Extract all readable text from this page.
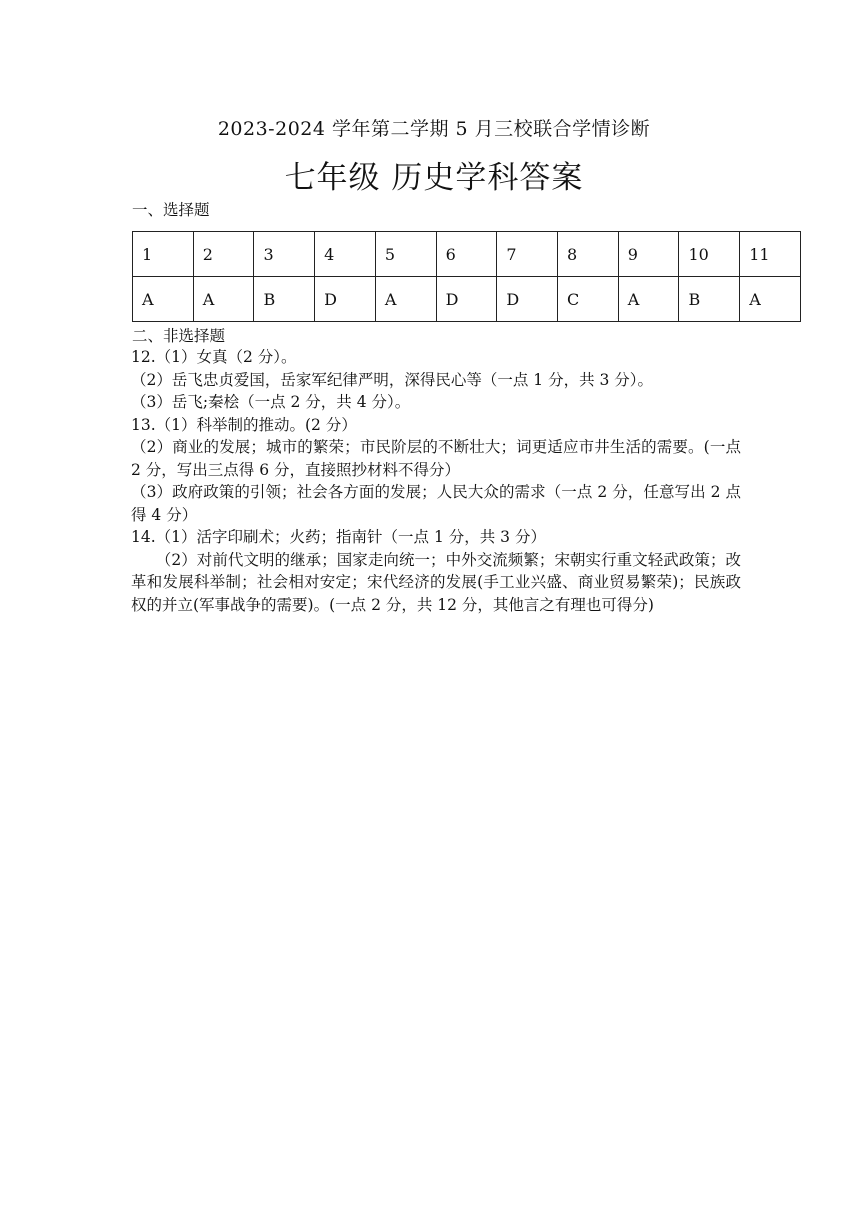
2023-2024 学年第二学期 5 月三校联合学情诊断
七年级 历史学科答案
一、选择题
1	2	3	4	5	6	7	8	9	10	11
A	A	B	D	A	D	D	C	A	B	A
二、非选择题

12.（1）女真（2 分）。

（2）岳飞忠贞爱国，岳家军纪律严明，深得民心等（一点 1 分，共 3 分）。

（3）岳飞;秦桧（一点 2 分，共 4 分）。

13.（1）科举制的推动。(2 分）

（2）商业的发展；城市的繁荣；市民阶层的不断壮大；词更适应市井生活的需要。(一点 2 分，写出三点得 6 分，直接照抄材料不得分）

（3）政府政策的引领；社会各方面的发展；人民大众的需求（一点 2 分，任意写出 2 点得 4 分）

14.（1）活字印刷术；火药；指南针（一点 1 分，共 3 分）

（2）对前代文明的继承；国家走向统一；中外交流频繁；宋朝实行重文轻武政策；改革和发展科举制；社会相对安定；宋代经济的发展(手工业兴盛、商业贸易繁荣)；民族政权的并立(军事战争的需要)。(一点 2 分，共 12 分，其他言之有理也可得分)
